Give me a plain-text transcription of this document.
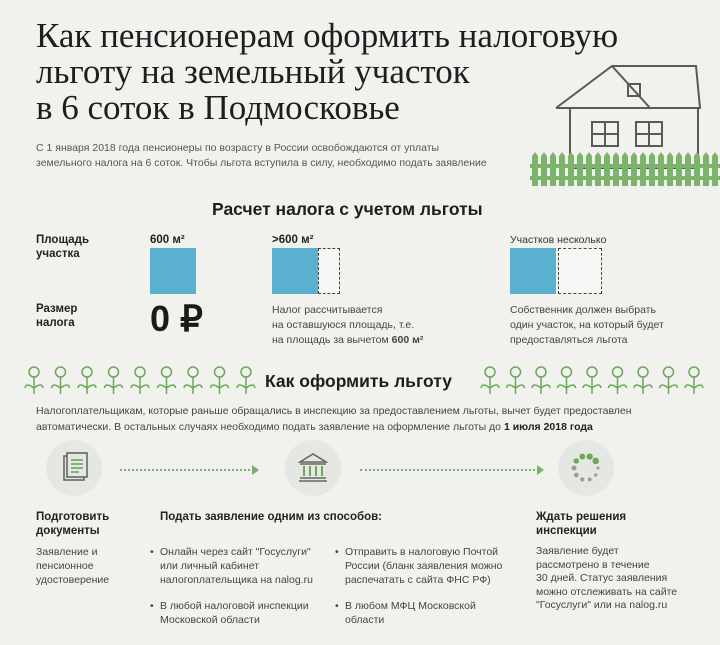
Как пенсионерам оформить налоговую
льготу на земельный участок
в 6 соток в Подмосковье
С 1 января 2018 года пенсионеры по возрасту в России освобождаются от уплаты
земельного налога на 6 соток. Чтобы льгота вступила в силу, необходимо подать заявление
Расчет налога с учетом льготы
Площадь
участка
Размер
налога
600 м²
0 ₽
>600 м²
Налог рассчитывается
на оставшуюся площадь, т.е.
на площадь за вычетом 600 м²
Участков несколько
Собственник должен выбрать
один участок, на который будет
предоставляться льгота
Как оформить льготу
Налогоплательщикам, которые раньше обращались в инспекцию за предоставлением льготы, вычет будет предоставлен
автоматически. В остальных случаях необходимо подать заявление на оформление льготы до 1 июля 2018 года
Подготовить
документы
Заявление и
пенсионное
удостоверение
Подать заявление одним из способов:
• Онлайн через сайт "Госуслуги"
или личный кабинет
налогоплательщика на nalog.ru
• Отправить в налоговую Почтой
России (бланк заявления можно
распечатать с сайта ФНС РФ)
• В любой налоговой инспекции
Московской области
• В любом МФЦ Московской
области
Ждать решения
инспекции
Заявление будет
рассмотрено в течение
30 дней. Статус заявления
можно отслеживать на сайте
"Госуслуги" или на nalog.ru
